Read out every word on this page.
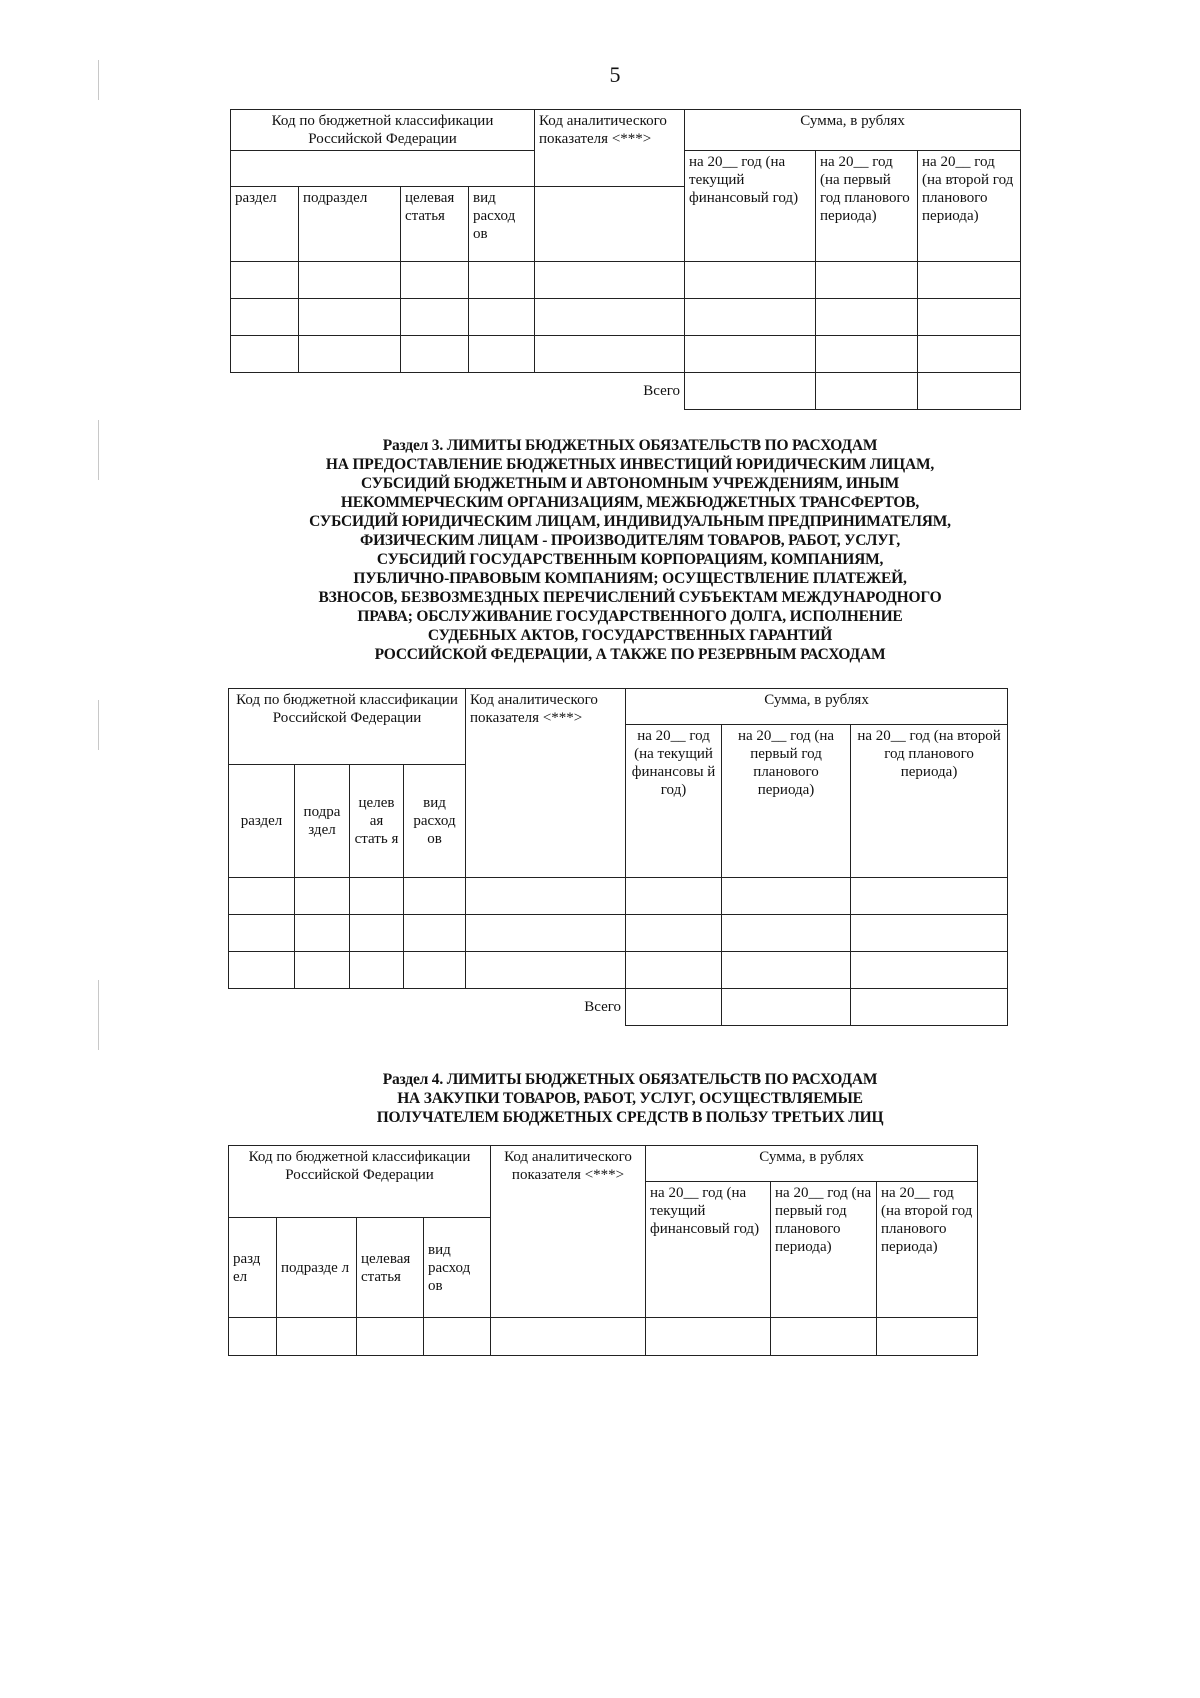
5
Код по бюджетной классификации Российской Федерации				Код аналитического показателя <***>	Сумма, в рублях		
					на 20__ год (на текущий финансовый год)	на 20__ год (на первый год планового периода)	на 20__ год (на второй год планового периода)
раздел	подраздел	целевая статья	вид расход ов				

Всего							
Раздел 3. ЛИМИТЫ БЮДЖЕТНЫХ ОБЯЗАТЕЛЬСТВ ПО РАСХОДАМ
НА ПРЕДОСТАВЛЕНИЕ БЮДЖЕТНЫХ ИНВЕСТИЦИЙ ЮРИДИЧЕСКИМ ЛИЦАМ,
СУБСИДИЙ БЮДЖЕТНЫМ И АВТОНОМНЫМ УЧРЕЖДЕНИЯМ, ИНЫМ
НЕКОММЕРЧЕСКИМ ОРГАНИЗАЦИЯМ, МЕЖБЮДЖЕТНЫХ ТРАНСФЕРТОВ,
СУБСИДИЙ ЮРИДИЧЕСКИМ ЛИЦАМ, ИНДИВИДУАЛЬНЫМ ПРЕДПРИНИМАТЕЛЯМ,
ФИЗИЧЕСКИМ ЛИЦАМ - ПРОИЗВОДИТЕЛЯМ ТОВАРОВ, РАБОТ, УСЛУГ,
СУБСИДИЙ ГОСУДАРСТВЕННЫМ КОРПОРАЦИЯМ, КОМПАНИЯМ,
ПУБЛИЧНО-ПРАВОВЫМ КОМПАНИЯМ; ОСУЩЕСТВЛЕНИЕ ПЛАТЕЖЕЙ,
ВЗНОСОВ, БЕЗВОЗМЕЗДНЫХ ПЕРЕЧИСЛЕНИЙ СУБЪЕКТАМ МЕЖДУНАРОДНОГО
ПРАВА; ОБСЛУЖИВАНИЕ ГОСУДАРСТВЕННОГО ДОЛГА, ИСПОЛНЕНИЕ
СУДЕБНЫХ АКТОВ, ГОСУДАРСТВЕННЫХ ГАРАНТИЙ
РОССИЙСКОЙ ФЕДЕРАЦИИ, А ТАКЖЕ ПО РЕЗЕРВНЫМ РАСХОДАМ
Код по бюджетной классификации Российской Федерации				Код аналитического показателя <***>	Сумма, в рублях		
					на 20__ год (на текущий финансовы й год)	на 20__ год (на первый год планового периода)	на 20__ год (на второй год планового периода)
раздел	подра здел	целев ая стать я	вид расход ов				

Всего							
Раздел 4. ЛИМИТЫ БЮДЖЕТНЫХ ОБЯЗАТЕЛЬСТВ ПО РАСХОДАМ
НА ЗАКУПКИ ТОВАРОВ, РАБОТ, УСЛУГ, ОСУЩЕСТВЛЯЕМЫЕ
ПОЛУЧАТЕЛЕМ БЮДЖЕТНЫХ СРЕДСТВ В ПОЛЬЗУ ТРЕТЬИХ ЛИЦ
Код по бюджетной классификации Российской Федерации				Код аналитического показателя <***>	Сумма, в рублях		
					на 20__ год (на текущий финансовый год)	на 20__ год (на первый год планового периода)	на 20__ год (на второй год планового периода)
разд ел	подразде л	целевая статья	вид расход ов				
